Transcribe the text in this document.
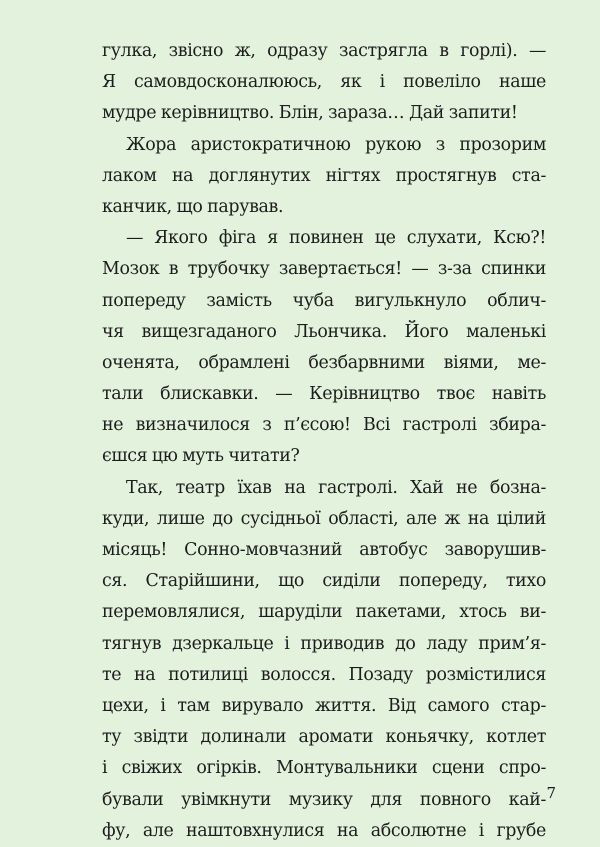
гулка, звісно ж, одразу застрягла в горлі). —
Я самовдосконалююсь, як і повеліло наше
мудре керівництво. Блін, зараза… Дай запити!
Жора аристократичною рукою з прозорим
лаком на доглянутих нігтях простягнув ста-
канчик, що парував.
— Якого фіга я повинен це слухати, Ксю?!
Мозок в трубочку завертається! — з-за спинки
попереду замість чуба вигулькнуло облич-
чя вищезгаданого Льончика. Його маленькі
оченята, обрамлені безбарвними віями, ме-
тали блискавки. — Керівництво твоє навіть
не визначилося з п’єсою! Всі гастролі збира-
єшся цю муть читати?
Так, театр їхав на гастролі. Хай не бозна-
куди, лише до сусідньої області, але ж на цілий
місяць! Сонно-мовчазний автобус заворушив-
ся. Старійшини, що сиділи попереду, тихо
перемовлялися, шаруділи пакетами, хтось ви-
тягнув дзеркальце і приводив до ладу прим’я-
те на потилиці волосся. Позаду розмістилися
цехи, і там вирувало життя. Від самого стар-
ту звідти долинали аромати коньячку, котлет
і свіжих огірків. Монтувальники сцени спро-
бували увімкнути музику для повного кай-
фу, але наштовхнулися на абсолютне і грубе
7
